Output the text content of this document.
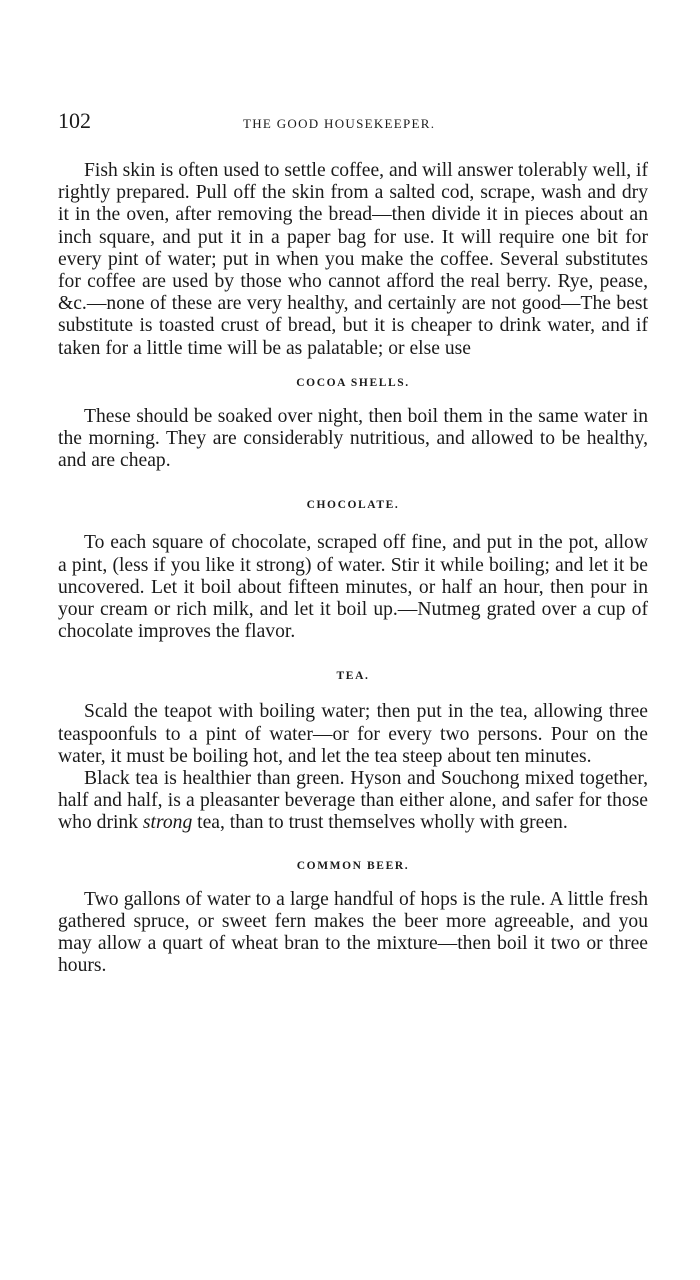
102	THE GOOD HOUSEKEEPER.

Fish skin is often used to settle coffee, and will answer tolerably well, if rightly prepared. Pull off the skin from a salted cod, scrape, wash and dry it in the oven, after removing the bread—then divide it in pieces about an inch square, and put it in a paper bag for use. It will require one bit for every pint of water; put in when you make the coffee. Several substitutes for coffee are used by those who cannot afford the real berry. Rye, pease, &c.—none of these are very healthy, and certainly are not good—The best substitute is toasted crust of bread, but it is cheaper to drink water, and if taken for a little time will be as palatable; or else use

COCOA SHELLS.

These should be soaked over night, then boil them in the same water in the morning. They are considerably nutritious, and allowed to be healthy, and are cheap.

CHOCOLATE.

To each square of chocolate, scraped off fine, and put in the pot, allow a pint, (less if you like it strong) of water. Stir it while boiling; and let it be uncovered. Let it boil about fifteen minutes, or half an hour, then pour in your cream or rich milk, and let it boil up.—Nutmeg grated over a cup of chocolate improves the flavor.

TEA.

Scald the teapot with boiling water; then put in the tea, allowing three teaspoonfuls to a pint of water—or for every two persons. Pour on the water, it must be boiling hot, and let the tea steep about ten minutes.

Black tea is healthier than green. Hyson and Souchong mixed together, half and half, is a pleasanter beverage than either alone, and safer for those who drink strong tea, than to trust themselves wholly with green.

COMMON BEER.

Two gallons of water to a large handful of hops is the rule. A little fresh gathered spruce, or sweet fern makes the beer more agreeable, and you may allow a quart of wheat bran to the mixture—then boil it two or three hours.
